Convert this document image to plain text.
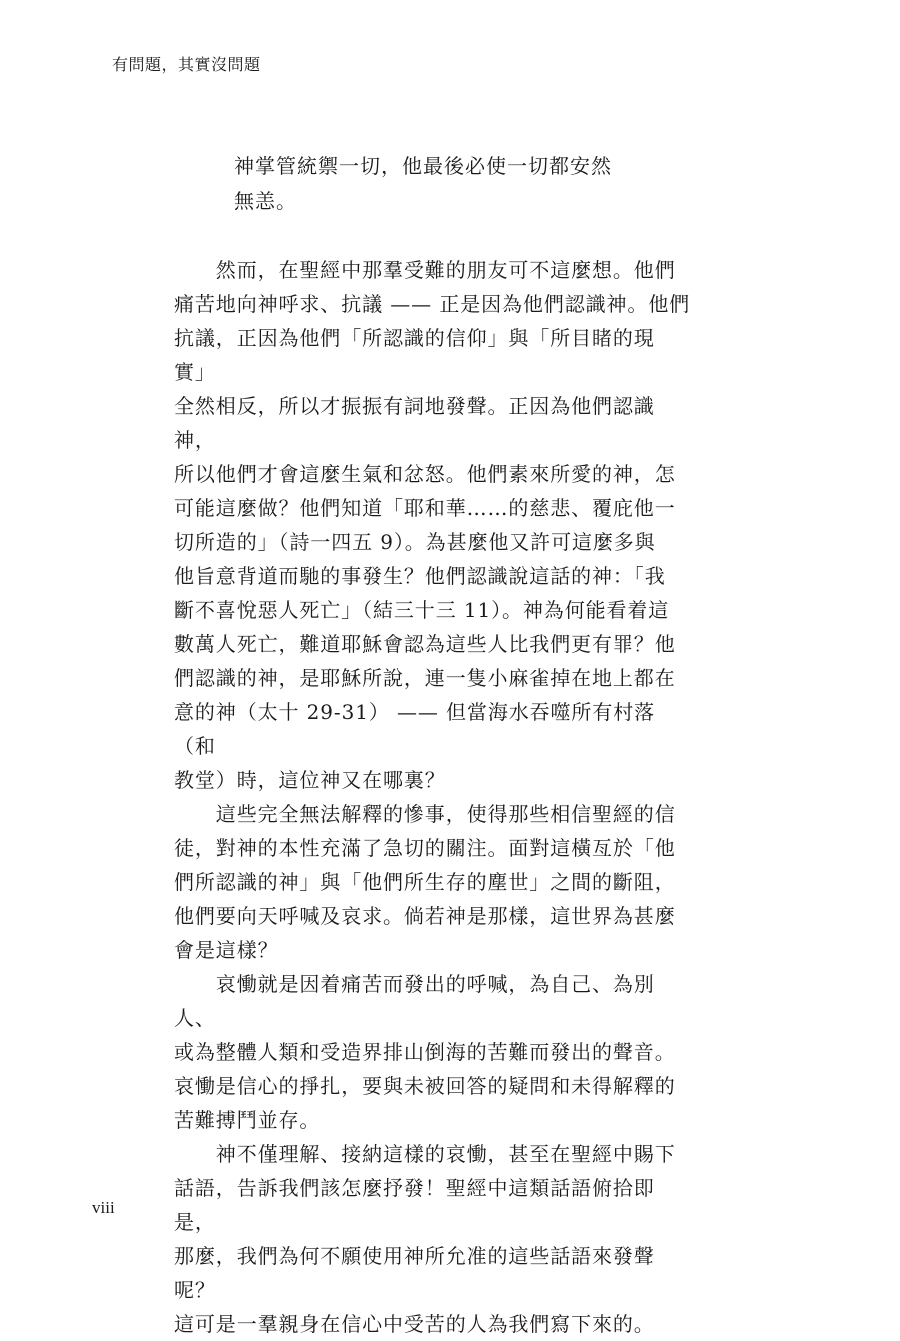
有問題，其實沒問題

神掌管統禦一切，他最後必使一切都安然

無恙。

　　然而，在聖經中那羣受難的朋友可不這麼想。他們
痛苦地向神呼求、抗議 —— 正是因為他們認識神。他們
抗議，正因為他們「所認識的信仰」與「所目睹的現實」
全然相反，所以才振振有詞地發聲。正因為他們認識神，
所以他們才會這麼生氣和忿怒。他們素來所愛的神，怎
可能這麼做？他們知道「耶和華……的慈悲、覆庇他一
切所造的」（詩一四五 9）。為甚麼他又許可這麼多與
他旨意背道而馳的事發生？他們認識說這話的神：「我
斷不喜悅惡人死亡」（結三十三 11）。神為何能看着這
數萬人死亡，難道耶穌會認為這些人比我們更有罪？他
們認識的神，是耶穌所說，連一隻小麻雀掉在地上都在
意的神（太十 29-31） —— 但當海水吞噬所有村落（和
教堂）時，這位神又在哪裏？

　　這些完全無法解釋的慘事，使得那些相信聖經的信
徒，對神的本性充滿了急切的關注。面對這橫亙於「他
們所認識的神」與「他們所生存的塵世」之間的斷阻，
他們要向天呼喊及哀求。倘若神是那樣，這世界為甚麼
會是這樣？

　　哀慟就是因着痛苦而發出的呼喊，為自己、為別人、
或為整體人類和受造界排山倒海的苦難而發出的聲音。
哀慟是信心的掙扎，要與未被回答的疑問和未得解釋的
苦難搏鬥並存。

　　神不僅理解、接納這樣的哀慟，甚至在聖經中賜下
話語，告訴我們該怎麼抒發！聖經中這類話語俯拾即是，
那麼，我們為何不願使用神所允准的這些話語來發聲呢？
這可是一羣親身在信心中受苦的人為我們寫下來的。

viii
